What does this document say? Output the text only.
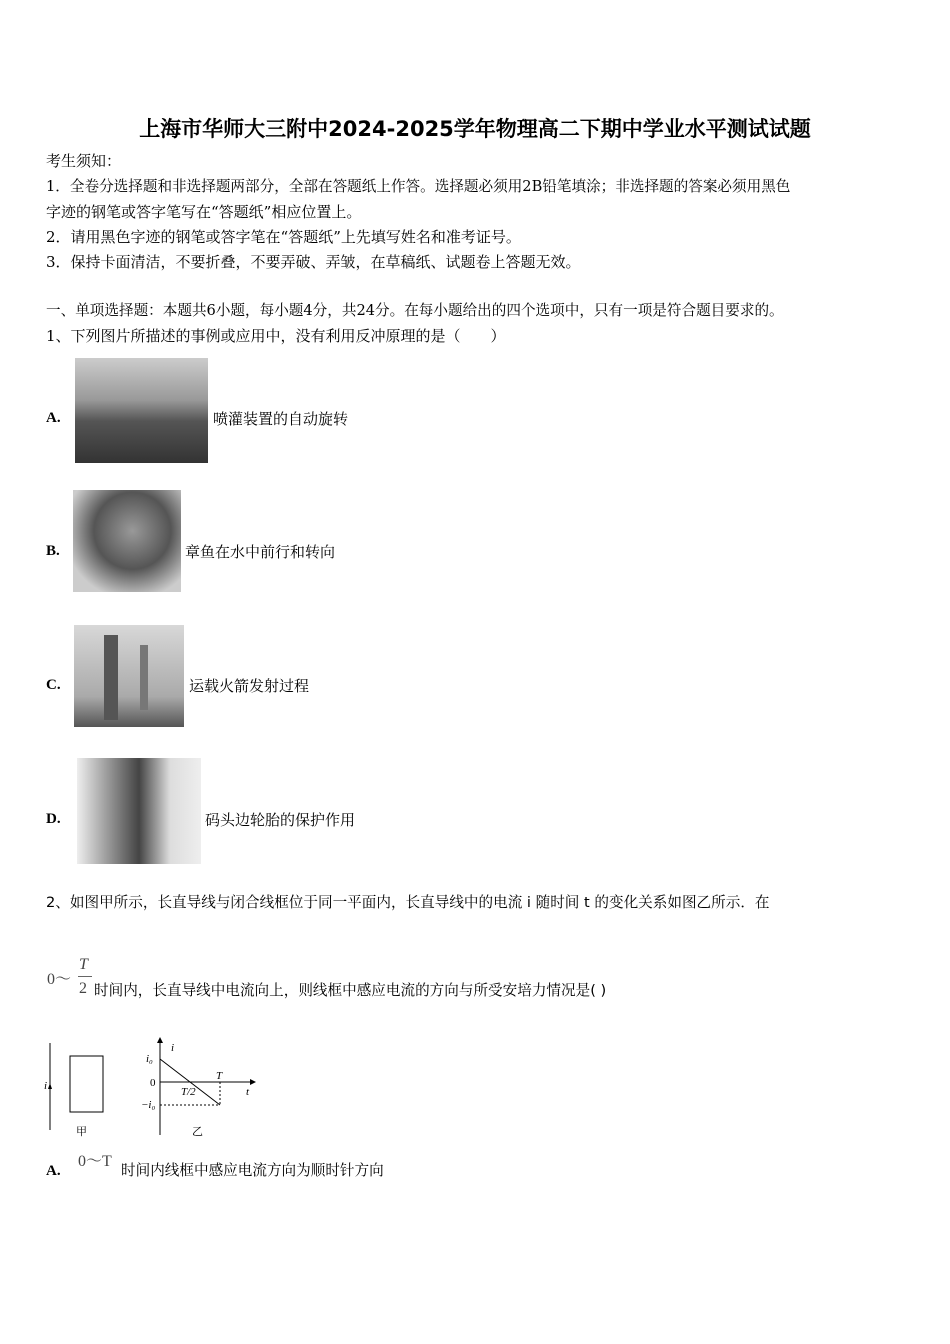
上海市华师大三附中2024-2025学年物理高二下期中学业水平测试试题
考生须知：
1．全卷分选择题和非选择题两部分，全部在答题纸上作答。选择题必须用2B铅笔填涂；非选择题的答案必须用黑色
字迹的钢笔或答字笔写在“答题纸”相应位置上。
2．请用黑色字迹的钢笔或答字笔在“答题纸”上先填写姓名和准考证号。
3．保持卡面清洁，不要折叠，不要弄破、弄皱，在草稿纸、试题卷上答题无效。
一、单项选择题：本题共6小题，每小题4分，共24分。在每小题给出的四个选项中，只有一项是符合题目要求的。
1、下列图片所描述的事例或应用中，没有利用反冲原理的是（　　）
A.	喷灌装置的自动旋转
B.	章鱼在水中前行和转向
C.	运载火箭发射过程
D.	码头边轮胎的保护作用
2、如图甲所示，长直导线与闭合线框位于同一平面内，长直导线中的电流 i 随时间 t 的变化关系如图乙所示．在
0～
T
2 时间内，长直导线中电流向上，则线框中感应电流的方向与所受安培力情况是( )
i
甲
i
t
i₀
0
−i₀
T/2
T
乙
A.
0～T
时间内线框中感应电流方向为顺时针方向
